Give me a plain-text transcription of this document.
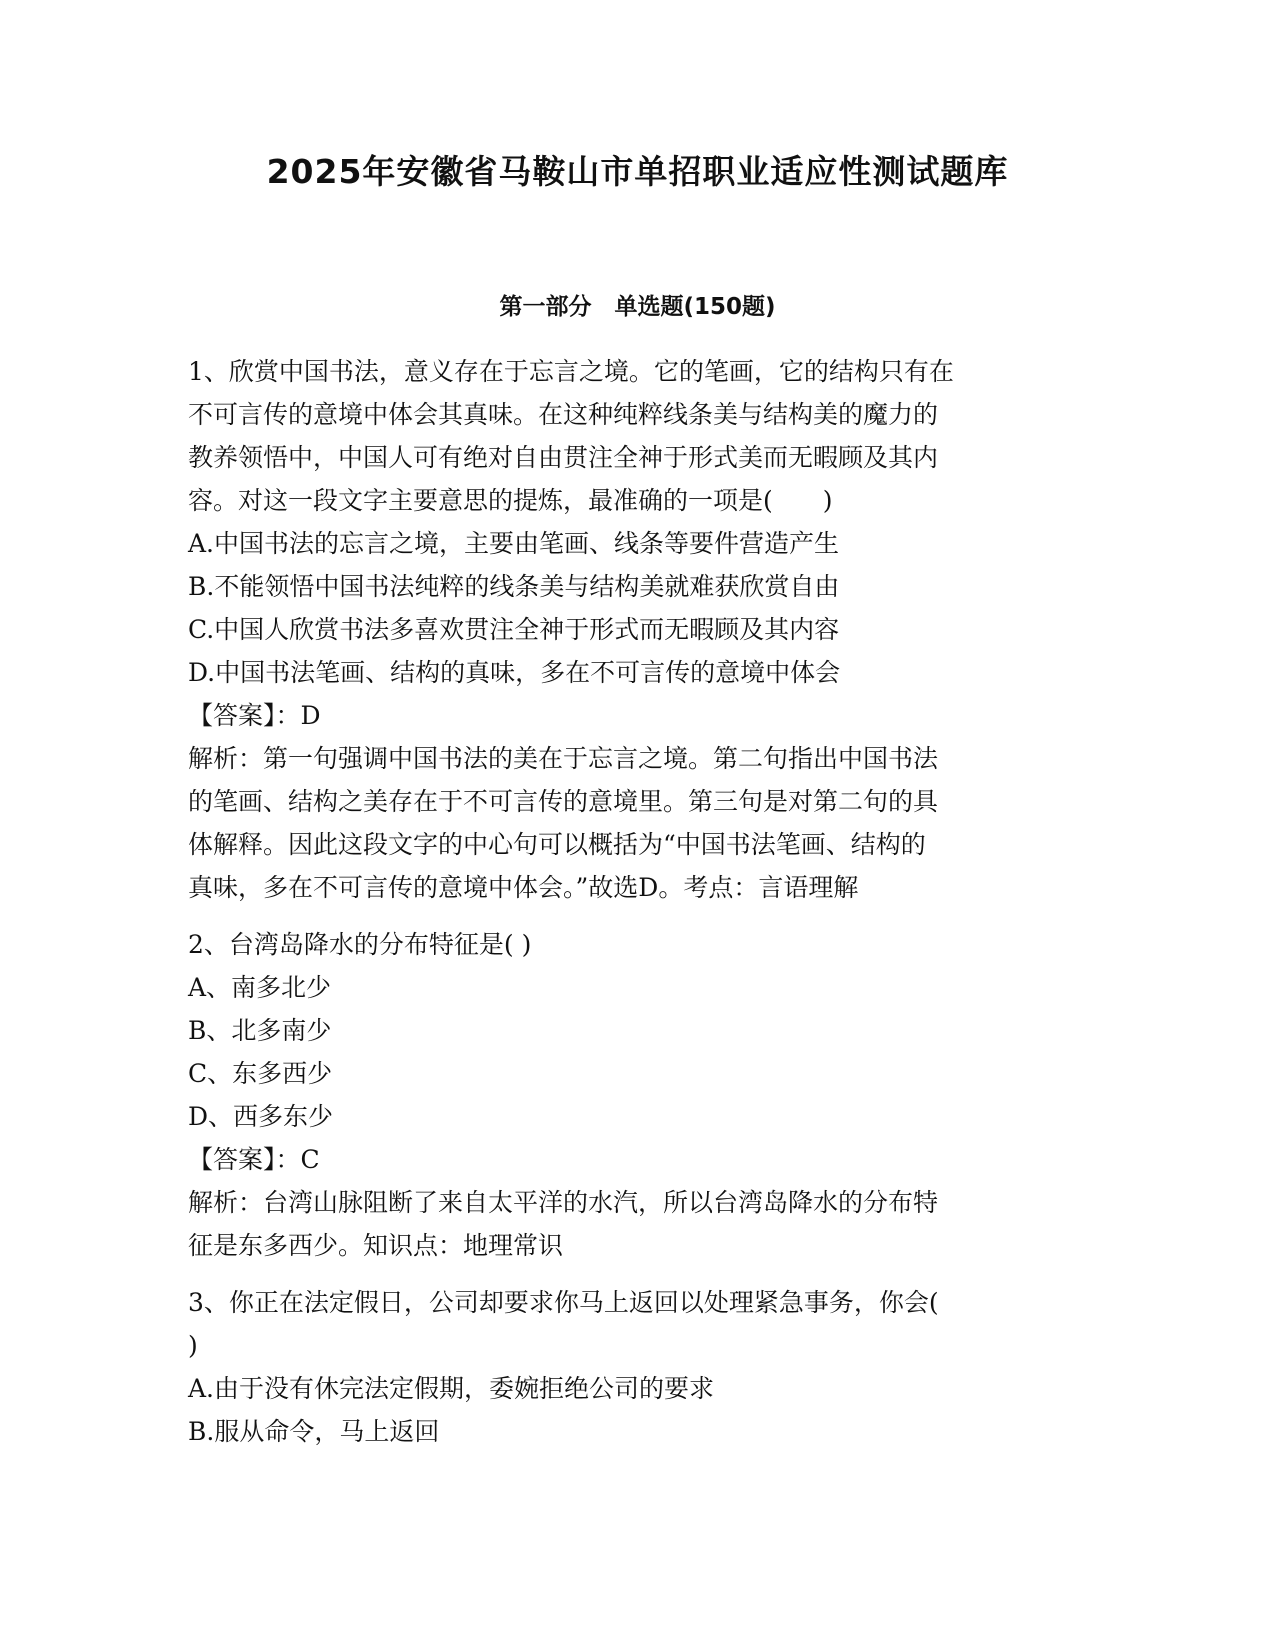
2025年安徽省马鞍山市单招职业适应性测试题库
第一部分　单选题(150题)
1、欣赏中国书法，意义存在于忘言之境。它的笔画，它的结构只有在
不可言传的意境中体会其真味。在这种纯粹线条美与结构美的魔力的
教养领悟中，中国人可有绝对自由贯注全神于形式美而无暇顾及其内
容。对这一段文字主要意思的提炼，最准确的一项是(　　)
A.中国书法的忘言之境，主要由笔画、线条等要件营造产生
B.不能领悟中国书法纯粹的线条美与结构美就难获欣赏自由
C.中国人欣赏书法多喜欢贯注全神于形式而无暇顾及其内容
D.中国书法笔画、结构的真味，多在不可言传的意境中体会
【答案】：D
解析：第一句强调中国书法的美在于忘言之境。第二句指出中国书法
的笔画、结构之美存在于不可言传的意境里。第三句是对第二句的具
体解释。因此这段文字的中心句可以概括为“中国书法笔画、结构的
真味，多在不可言传的意境中体会。”故选D。考点：言语理解
2、台湾岛降水的分布特征是( )
A、南多北少
B、北多南少
C、东多西少
D、西多东少
【答案】：C
解析：台湾山脉阻断了来自太平洋的水汽，所以台湾岛降水的分布特
征是东多西少。知识点：地理常识
3、你正在法定假日，公司却要求你马上返回以处理紧急事务，你会(
)
A.由于没有休完法定假期，委婉拒绝公司的要求
B.服从命令，马上返回
